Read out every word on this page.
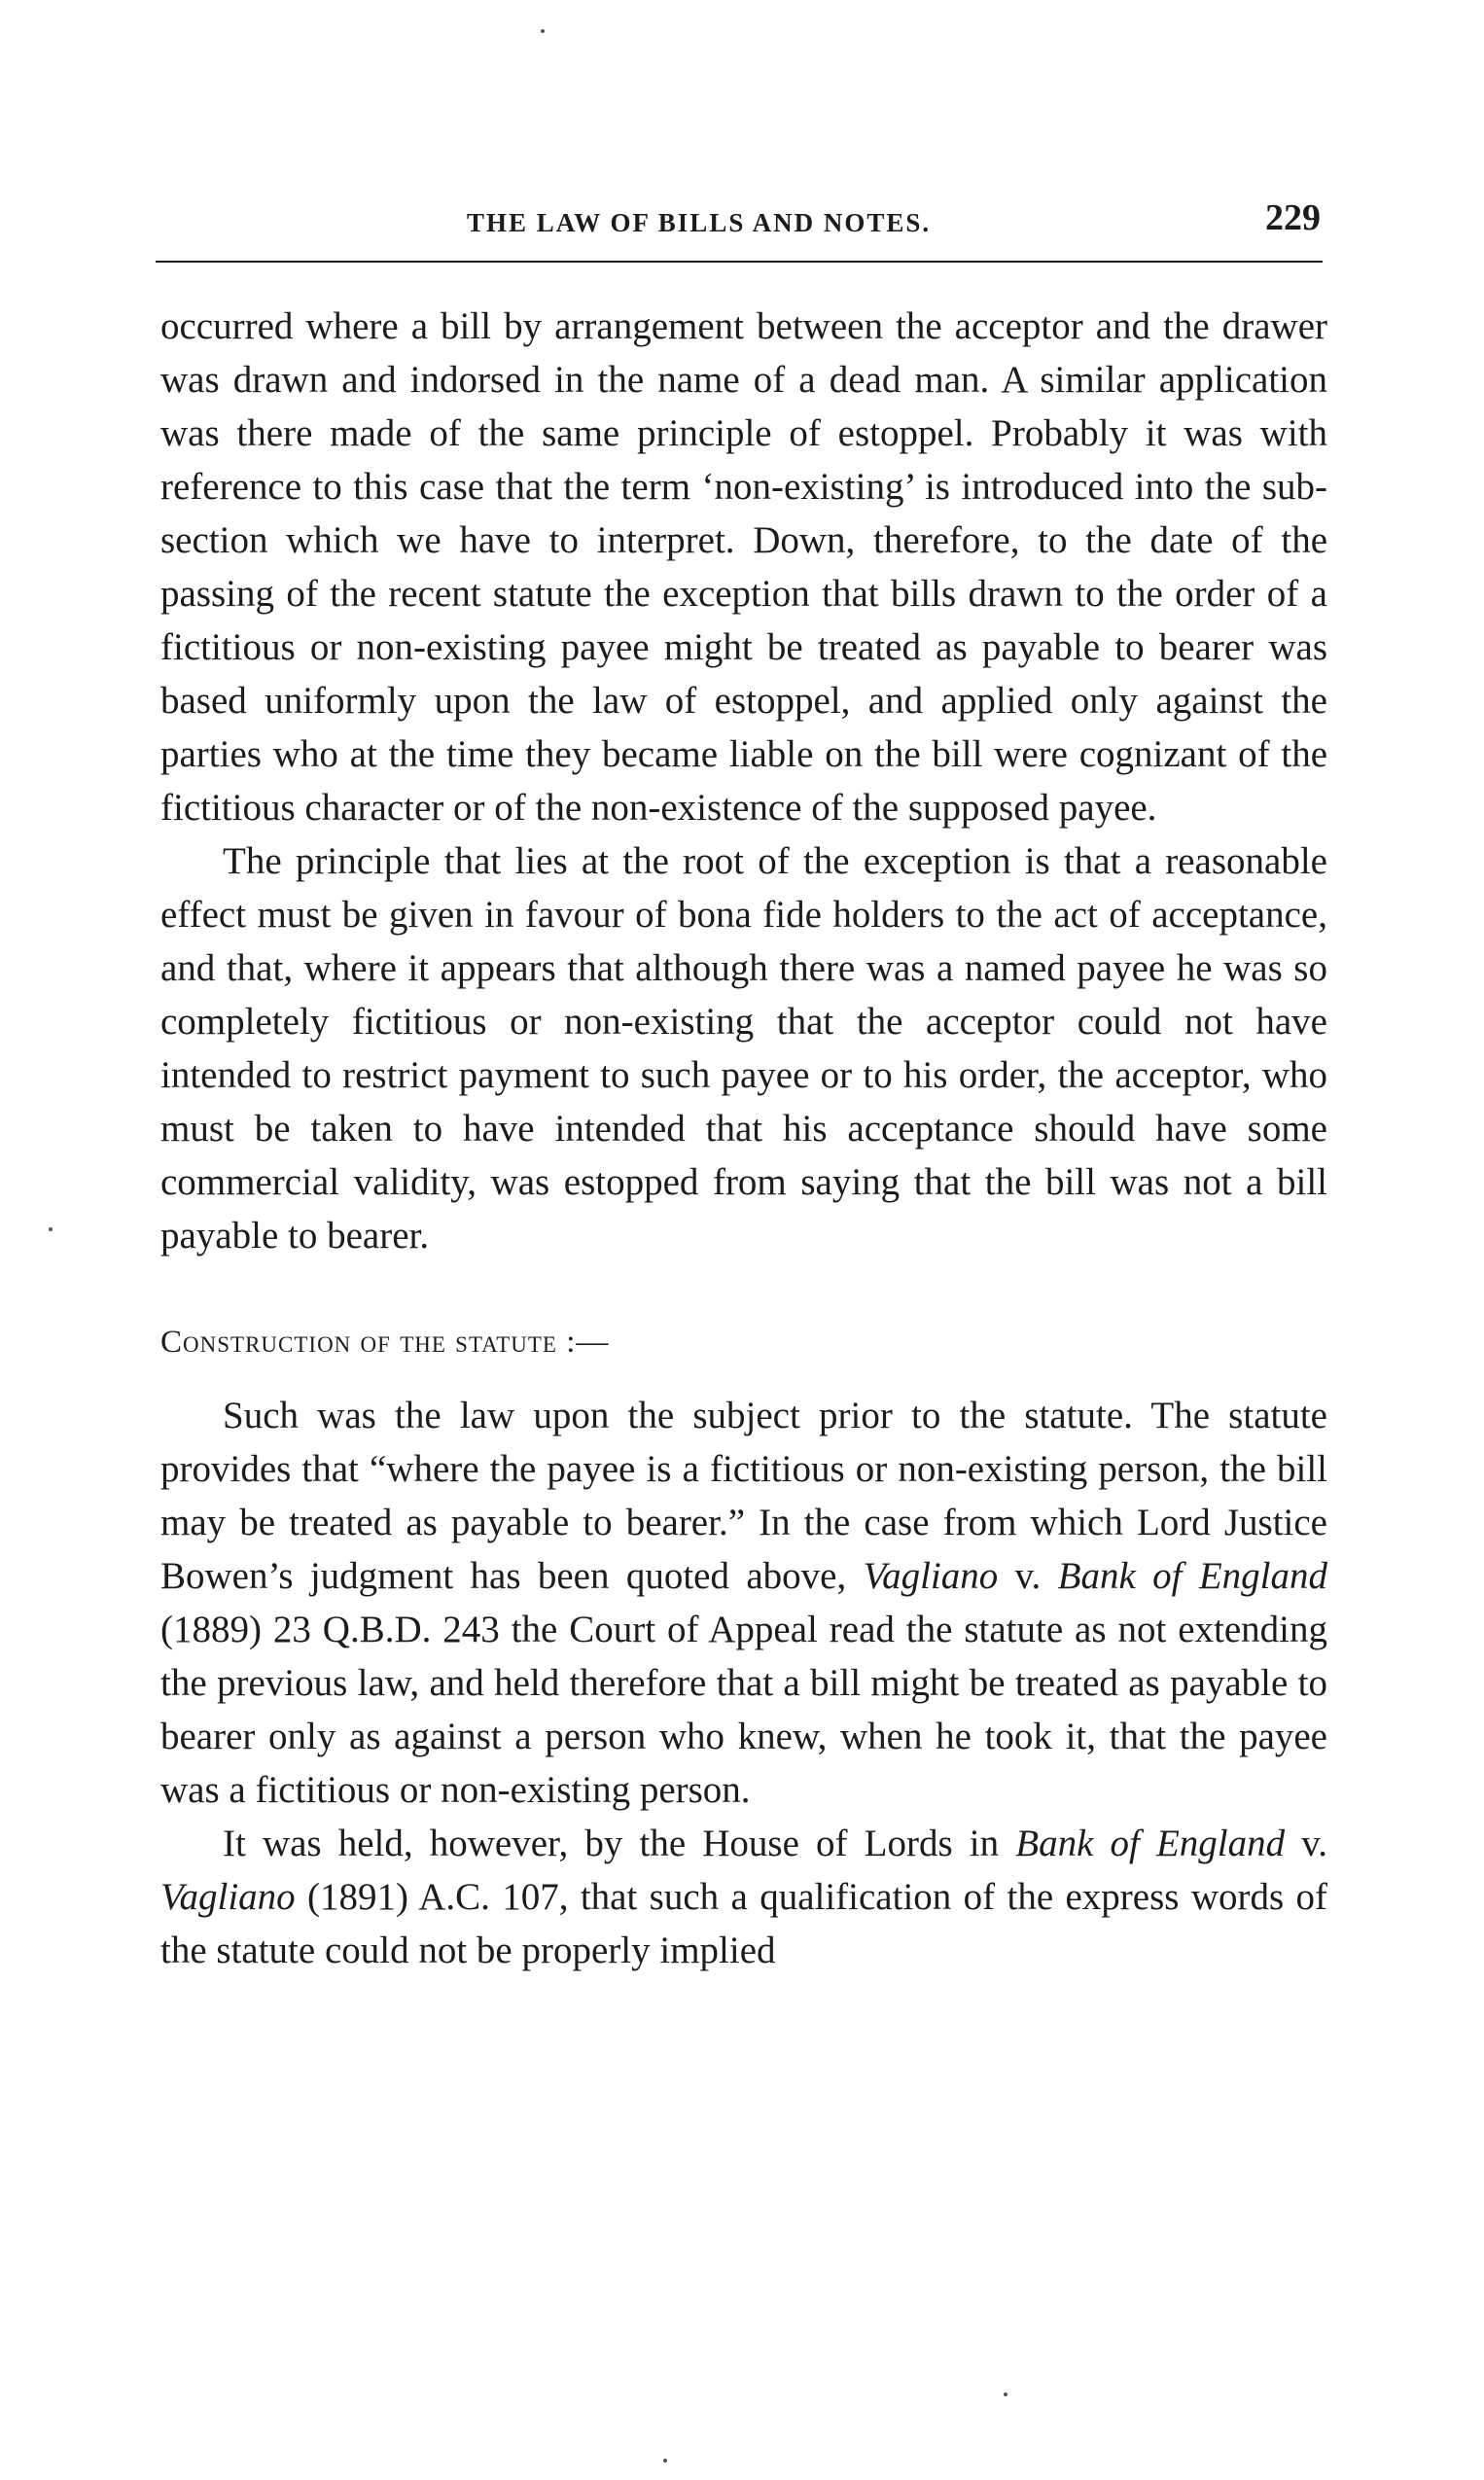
THE LAW OF BILLS AND NOTES.	229

occurred where a bill by arrangement between the acceptor and the drawer was drawn and indorsed in the name of a dead man. A similar application was there made of the same principle of estoppel. Probably it was with reference to this case that the term ‘non-existing’ is introduced into the sub-section which we have to interpret. Down, therefore, to the date of the passing of the recent statute the exception that bills drawn to the order of a fictitious or non-existing payee might be treated as payable to bearer was based uniformly upon the law of estoppel, and applied only against the parties who at the time they became liable on the bill were cognizant of the fictitious character or of the non-existence of the supposed payee.

The principle that lies at the root of the exception is that a reasonable effect must be given in favour of bona fide holders to the act of acceptance, and that, where it appears that although there was a named payee he was so completely fictitious or non-existing that the acceptor could not have intended to restrict payment to such payee or to his order, the acceptor, who must be taken to have intended that his acceptance should have some commercial validity, was estopped from saying that the bill was not a bill payable to bearer.

Construction of the statute :—

Such was the law upon the subject prior to the statute. The statute provides that “where the payee is a fictitious or non-existing person, the bill may be treated as payable to bearer.” In the case from which Lord Justice Bowen’s judgment has been quoted above, Vagliano v. Bank of England (1889) 23 Q.B.D. 243 the Court of Appeal read the statute as not extending the previous law, and held therefore that a bill might be treated as payable to bearer only as against a person who knew, when he took it, that the payee was a fictitious or non-existing person.

It was held, however, by the House of Lords in Bank of England v. Vagliano (1891) A.C. 107, that such a qualification of the express words of the statute could not be properly implied
